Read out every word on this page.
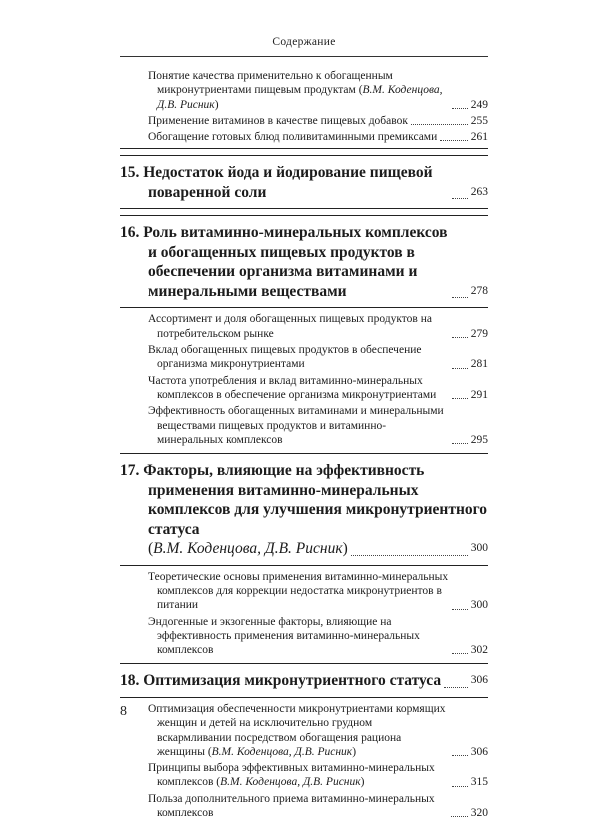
Содержание
Понятие качества применительно к обогащенным микронутриентами пищевым продуктам (В.М. Коденцова, Д.В. Рисник)	249
Применение витаминов в качестве пищевых добавок	255
Обогащение готовых блюд поливитаминными премиксами	261
15. Недостаток йода и йодирование пищевой поваренной соли	263
16. Роль витаминно-минеральных комплексов и обогащенных пищевых продуктов в обеспечении организма витаминами и минеральными веществами	278
Ассортимент и доля обогащенных пищевых продуктов на потребительском рынке	279
Вклад обогащенных пищевых продуктов в обеспечение организма микронутриентами	281
Частота употребления и вклад витаминно-минеральных комплексов в обеспечение организма микронутриентами	291
Эффективность обогащенных витаминами и минеральными веществами пищевых продуктов и витаминно-минеральных комплексов	295
17. Факторы, влияющие на эффективность применения витаминно-минеральных комплексов для улучшения микронутриентного статуса
(В.М. Коденцова, Д.В. Рисник)	300
Теоретические основы применения витаминно-минеральных комплексов для коррекции недостатка микронутриентов в питании	300
Эндогенные и экзогенные факторы, влияющие на эффективность применения витаминно-минеральных комплексов	302
18. Оптимизация микронутриентного статуса	306
Оптимизация обеспеченности микронутриентами кормящих женщин и детей на исключительно грудном вскармливании посредством обогащения рациона женщины (В.М. Коденцова, Д.В. Рисник)	306
Принципы выбора эффективных витаминно-минеральных комплексов (В.М. Коденцова, Д.В. Рисник)	315
Польза дополнительного приема витаминно-минеральных комплексов	320
8
